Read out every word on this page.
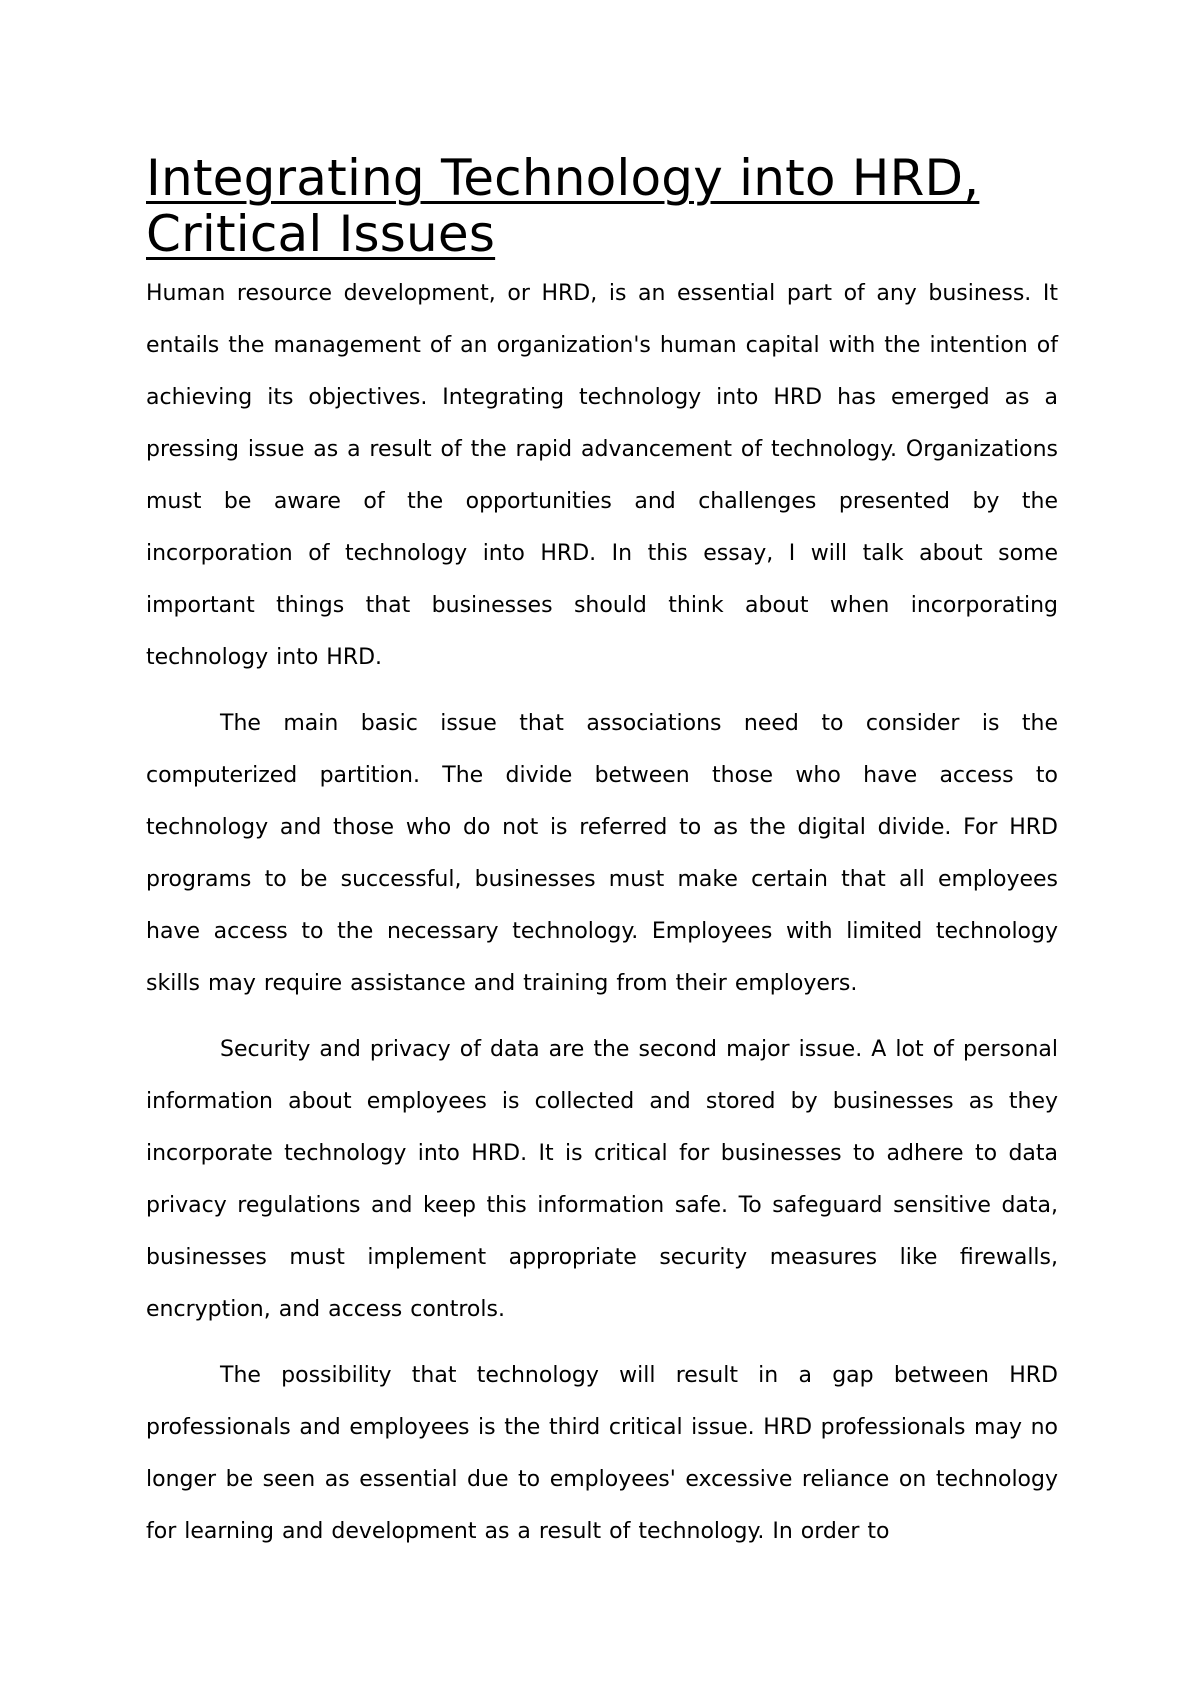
Integrating Technology into HRD,
Critical Issues

Human resource development, or HRD, is an essential part of any business. It entails the management of an organization's human capital with the intention of achieving its objectives. Integrating technology into HRD has emerged as a pressing issue as a result of the rapid advancement of technology. Organizations must be aware of the opportunities and challenges presented by the incorporation of technology into HRD. In this essay, I will talk about some important things that businesses should think about when incorporating technology into HRD.

The main basic issue that associations need to consider is the computerized partition. The divide between those who have access to technology and those who do not is referred to as the digital divide. For HRD programs to be successful, businesses must make certain that all employees have access to the necessary technology. Employees with limited technology skills may require assistance and training from their employers.

Security and privacy of data are the second major issue. A lot of personal information about employees is collected and stored by businesses as they incorporate technology into HRD. It is critical for businesses to adhere to data privacy regulations and keep this information safe. To safeguard sensitive data, businesses must implement appropriate security measures like firewalls, encryption, and access controls.

The possibility that technology will result in a gap between HRD professionals and employees is the third critical issue. HRD professionals may no longer be seen as essential due to employees' excessive reliance on technology for learning and development as a result of technology. In order to
